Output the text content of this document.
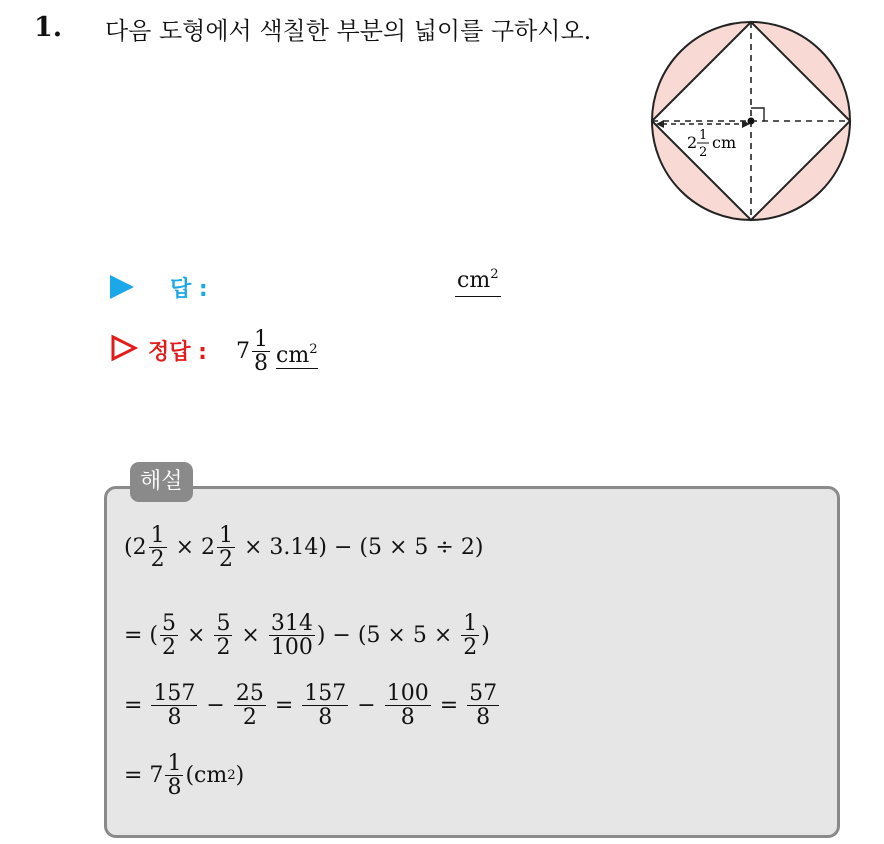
1. 다음 도형에서 색칠한 부분의 넓이를 구하시오.
2 1
2
cm
답 :	$cm^2$
정답 : $7 \frac{1}{8} cm^2$
해설
$(2 \frac{1}{2} \times 2 \frac{1}{2} \times 3.14) - (5 \times 5 \div 2)$
= ( $\frac{5}{2} \times \frac{5}{2} \times \frac{314}{100}$ ) − ($5 \times 5 \times \frac{1}{2}$ )
= $\frac{157}{8} - \frac{25}{2} = \frac{157}{8} - \frac{100}{8} = \frac{57}{8}$
= $7 \frac{1}{8} (cm$ 2 )
